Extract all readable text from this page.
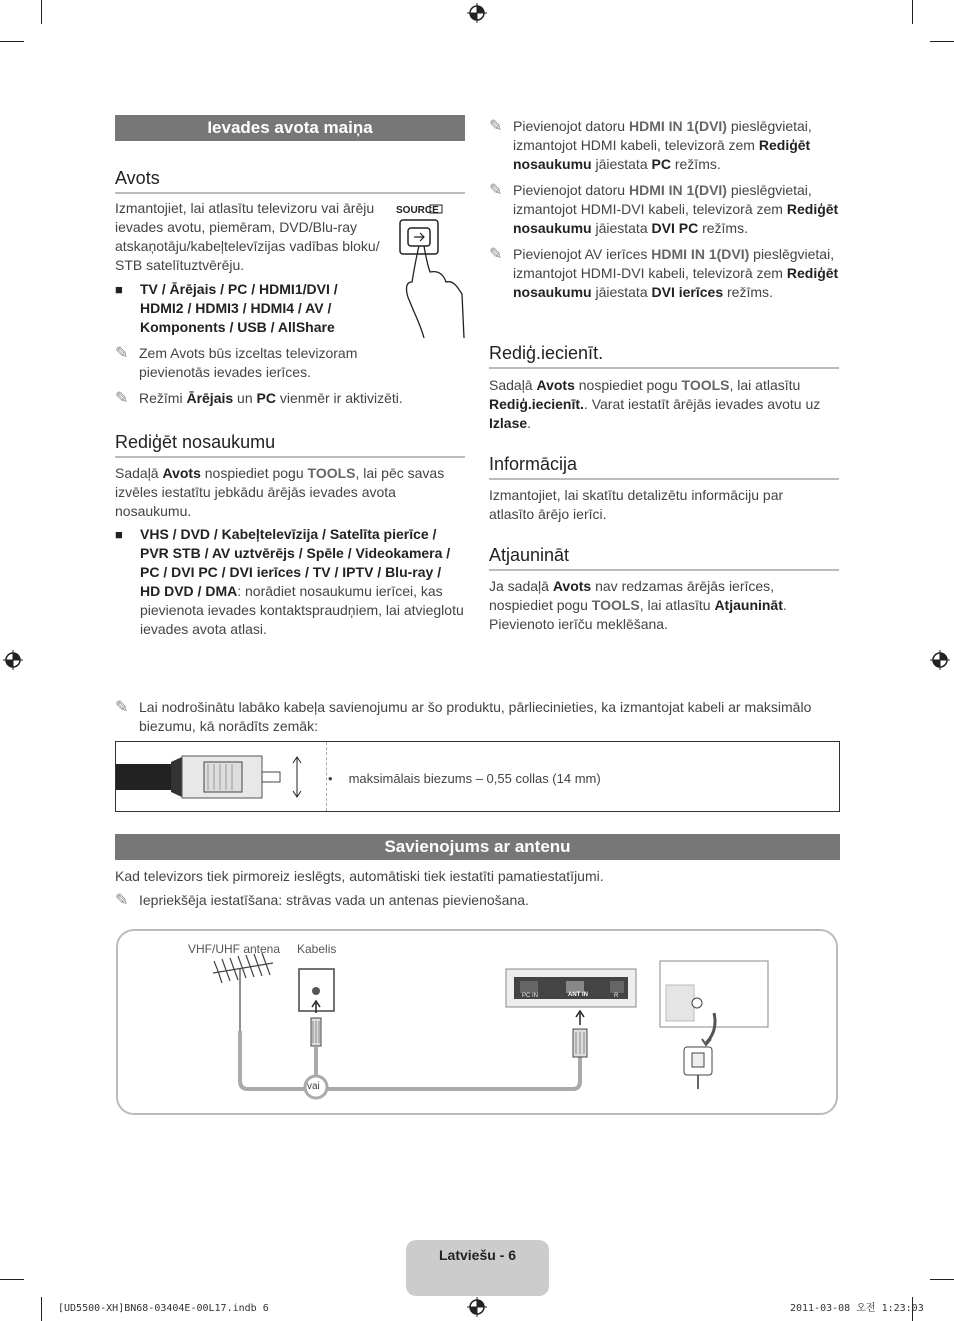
Ievades avota maiņa
Avots
Izmantojiet, lai atlasītu televizoru vai ārēju ievades avotu, piemēram, DVD/Blu-ray atskaņotāju/kabeļtelevīzijas vadības bloku/ STB satelītuztvērēju.
SOURCE
■ TV / Ārējais / PC / HDMI1/DVI / HDMI2 / HDMI3 / HDMI4 / AV / Komponents / USB / AllShare
✎ Zem Avots būs izceltas televizoram pievienotās ievades ierīces.
✎ Režīmi Ārējais un PC vienmēr ir aktivizēti.
Rediģēt nosaukumu
Sadaļā Avots nospiediet pogu TOOLS, lai pēc savas izvēles iestatītu jebkādu ārējās ievades avota nosaukumu.
■ VHS / DVD / Kabeļtelevīzija / Satelīta pierīce / PVR STB / AV uztvērējs / Spēle / Videokamera / PC / DVI PC / DVI ierīces / TV / IPTV / Blu-ray / HD DVD / DMA: norādiet nosaukumu ierīcei, kas pievienota ievades kontaktspraudņiem, lai atvieglotu ievades avota atlasi.
✎ Pievienojot datoru HDMI IN 1(DVI) pieslēgvietai, izmantojot HDMI kabeli, televizorā zem Rediģēt nosaukumu jāiestata PC režīms.
✎ Pievienojot datoru HDMI IN 1(DVI) pieslēgvietai, izmantojot HDMI-DVI kabeli, televizorā zem Rediģēt nosaukumu jāiestata DVI PC režīms.
✎ Pievienojot AV ierīces HDMI IN 1(DVI) pieslēgvietai, izmantojot HDMI-DVI kabeli, televizorā zem Rediģēt nosaukumu jāiestata DVI ierīces režīms.
Rediģ.iecienīt.
Sadaļā Avots nospiediet pogu TOOLS, lai atlasītu Rediģ.iecienīt.. Varat iestatīt ārējās ievades avotu uz Izlase.
Informācija
Izmantojiet, lai skatītu detalizētu informāciju par atlasīto ārējo ierīci.
Atjaunināt
Ja sadaļā Avots nav redzamas ārējās ierīces, nospiediet pogu TOOLS, lai atlasītu Atjaunināt. Pievienoto ierīču meklēšana.
✎ Lai nodrošinātu labāko kabeļa savienojumu ar šo produktu, pārliecinieties, ka izmantojat kabeli ar maksimālo biezumu, kā norādīts zemāk:
• maksimālais biezums – 0,55 collas (14 mm)
Savienojums ar antenu
Kad televizors tiek pirmoreiz ieslēgts, automātiski tiek iestatīti pamatiestatījumi.
✎ Iepriekšēja iestatīšana: strāvas vada un antenas pievienošana.
VHF/UHF antena Kabelis
vai
PC IN	ANT IN	R
Latviešu - 6
[UD5500-XH]BN68-03404E-00L17.indb 6	2011-03-08 오전 1:23:03
